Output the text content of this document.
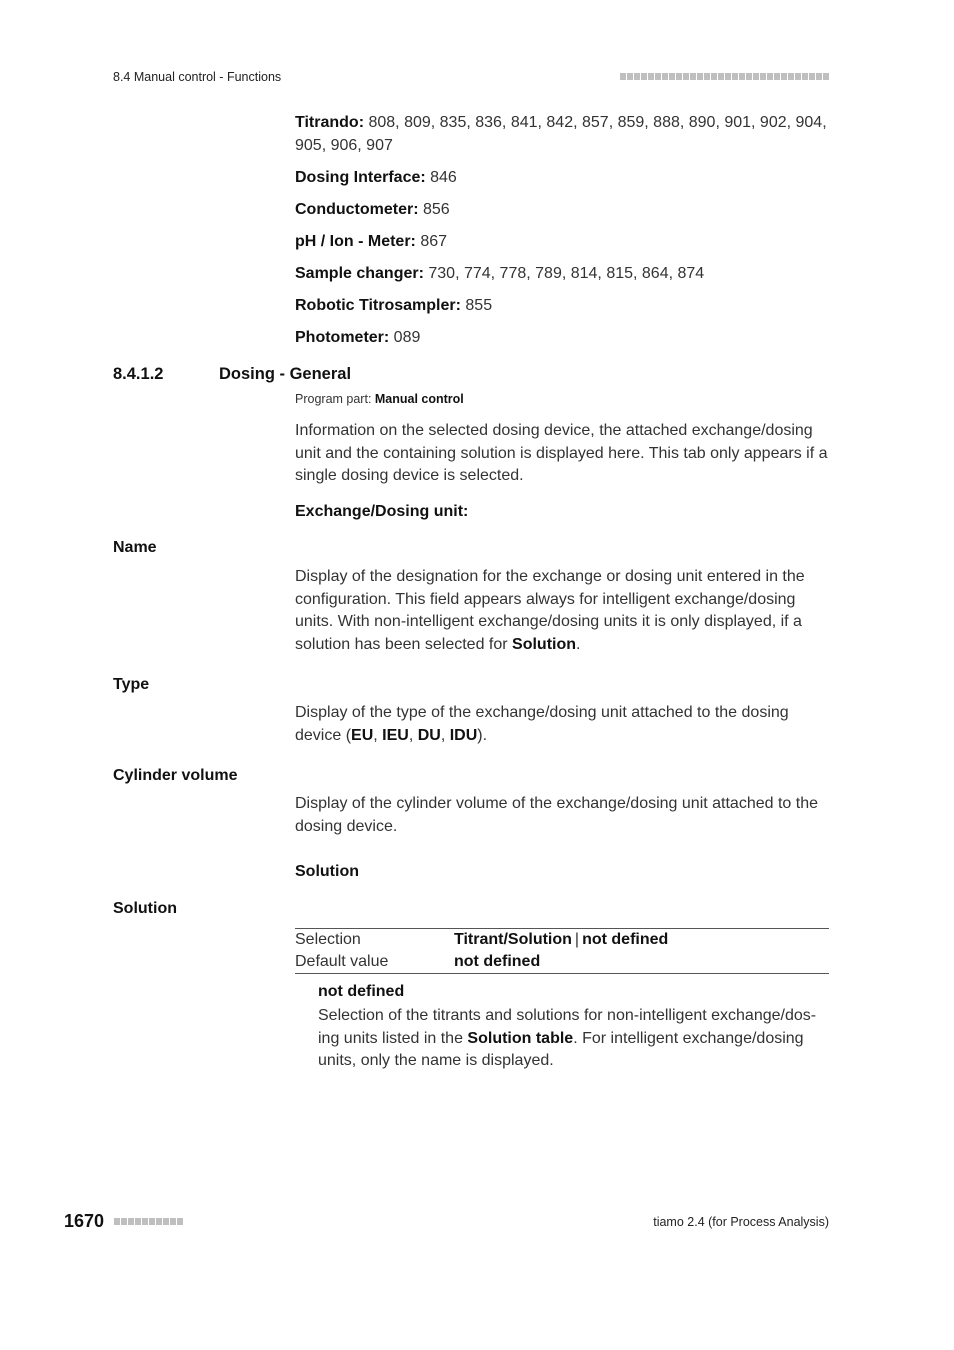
8.4 Manual control - Functions
Titrando: 808, 809, 835, 836, 841, 842, 857, 859, 888, 890, 901, 902, 904, 905, 906, 907
Dosing Interface: 846
Conductometer: 856
pH / Ion - Meter: 867
Sample changer: 730, 774, 778, 789, 814, 815, 864, 874
Robotic Titrosampler: 855
Photometer: 089
8.4.1.2	Dosing - General
Program part: Manual control
Information on the selected dosing device, the attached exchange/dosing unit and the containing solution is displayed here. This tab only appears if a single dosing device is selected.
Exchange/Dosing unit:
Name
Display of the designation for the exchange or dosing unit entered in the configuration. This field appears always for intelligent exchange/dosing units. With non-intelligent exchange/dosing units it is only displayed, if a solution has been selected for Solution.
Type
Display of the type of the exchange/dosing unit attached to the dosing device (EU, IEU, DU, IDU).
Cylinder volume
Display of the cylinder volume of the exchange/dosing unit attached to the dosing device.
Solution
Solution
Selection	Titrant/Solution | not defined
Default value	not defined
not defined
Selection of the titrants and solutions for non-intelligent exchange/dos-ing units listed in the Solution table. For intelligent exchange/dosing units, only the name is displayed.
1670	tiamo 2.4 (for Process Analysis)
